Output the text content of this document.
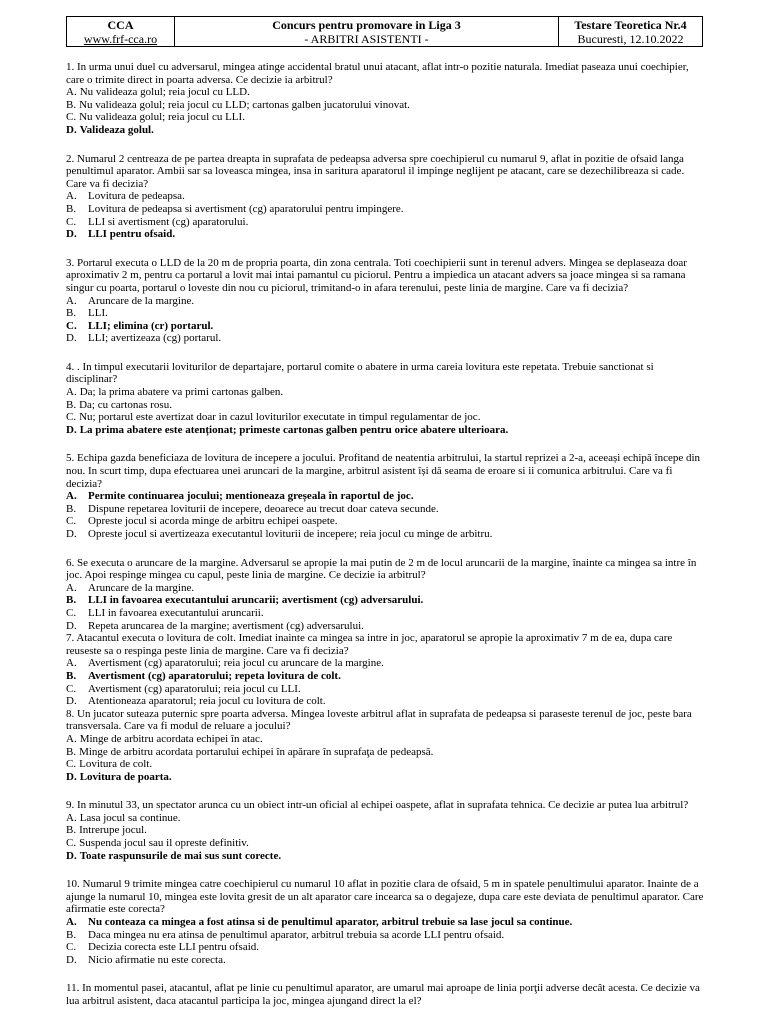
CCA
www.frf-cca.ro

Concurs pentru promovare in Liga 3
- ARBITRI ASISTENTI -

Testare Teoretica Nr.4
Bucuresti, 12.10.2022
1. In urma unui duel cu adversarul, mingea atinge accidental bratul unui atacant, aflat intr-o pozitie naturala. Imediat paseaza unui coechipier, care o trimite direct in poarta adversa. Ce decizie ia arbitrul?
A. Nu valideaza golul; reia jocul cu LLD.
B. Nu valideaza golul; reia jocul cu LLD; cartonas galben jucatorului vinovat.
C. Nu valideaza golul; reia jocul cu LLI.
D. Valideaza golul.
2. Numarul 2 centreaza de pe partea dreapta in suprafata de pedeapsa adversa spre coechipierul cu numarul 9, aflat in pozitie de ofsaid langa penultimul aparator. Ambii sar sa loveasca mingea, insa in saritura aparatorul il impinge neglijent pe atacant, care se dezechilibreaza si cade. Care va fi decizia?
A. Lovitura de pedeapsa.
B. Lovitura de pedeapsa si avertisment (cg) aparatorului pentru impingere.
C. LLI si avertisment (cg) aparatorului.
D. LLI pentru ofsaid.
3. Portarul executa o LLD de la 20 m de propria poarta, din zona centrala. Toti coechipierii sunt in terenul advers. Mingea se deplaseaza doar aproximativ 2 m, pentru ca portarul a lovit mai intai pamantul cu piciorul. Pentru a impiedica un atacant advers sa joace mingea si sa ramana singur cu poarta, portarul o loveste din nou cu piciorul, trimitand-o in afara terenului, peste linia de margine. Care va fi decizia?
A. Aruncare de la margine.
B. LLI.
C. LLI; elimina (cr) portarul.
D. LLI; avertizeaza (cg) portarul.
4. . In timpul executarii loviturilor de departajare, portarul comite o abatere in urma careia lovitura este repetata. Trebuie sanctionat si disciplinar?
A. Da; la prima abatere va primi cartonas galben.
B. Da; cu cartonas rosu.
C. Nu; portarul este avertizat doar in cazul loviturilor executate in timpul regulamentar de joc.
D. La prima abatere este atenționat; primeste cartonas galben pentru orice abatere ulterioara.
5. Echipa gazda beneficiaza de lovitura de incepere a jocului. Profitand de neatentia arbitrului, la startul reprizei a 2-a, aceeași echipă începe din nou. In scurt timp, dupa efectuarea unei aruncari de la margine, arbitrul asistent își dă seama de eroare si ii comunica arbitrului. Care va fi decizia?
A. Permite continuarea jocului; mentioneaza greșeala în raportul de joc.
B. Dispune repetarea loviturii de incepere, deoarece au trecut doar cateva secunde.
C. Opreste jocul si acorda minge de arbitru echipei oaspete.
D. Opreste jocul si avertizeaza executantul loviturii de incepere; reia jocul cu minge de arbitru.
6. Se executa o aruncare de la margine. Adversarul se apropie la mai putin de 2 m de locul aruncarii de la margine, înainte ca mingea sa intre în joc. Apoi respinge mingea cu capul, peste linia de margine. Ce decizie ia arbitrul?
A. Aruncare de la margine.
B. LLI in favoarea executantului aruncarii; avertisment (cg) adversarului.
C. LLI in favoarea executantului aruncarii.
D. Repeta aruncarea de la margine; avertisment (cg) adversarului.
7. Atacantul executa o lovitura de colt. Imediat inainte ca mingea sa intre in joc, aparatorul se apropie la aproximativ 7 m de ea, dupa care reuseste sa o respinga peste linia de margine. Care va fi decizia?
A. Avertisment (cg) aparatorului; reia jocul cu aruncare de la margine.
B. Avertisment (cg) aparatorului; repeta lovitura de colt.
C. Avertisment (cg) aparatorului; reia jocul cu LLI.
D. Atentioneaza aparatorul; reia jocul cu lovitura de colt.
8. Un jucator suteaza puternic spre poarta adversa. Mingea loveste arbitrul aflat in suprafata de pedeapsa si paraseste terenul de joc, peste bara transversala. Care va fi modul de reluare a jocului?
A. Minge de arbitru acordata echipei în atac.
B. Minge de arbitru acordata portarului echipei în apărare în suprafaţa de pedeapsă.
C. Lovitura de colt.
D. Lovitura de poarta.
9. In minutul 33, un spectator arunca cu un obiect intr-un oficial al echipei oaspete, aflat in suprafata tehnica. Ce decizie ar putea lua arbitrul?
A. Lasa jocul sa continue.
B. Intrerupe jocul.
C. Suspenda jocul sau il opreste definitiv.
D. Toate raspunsurile de mai sus sunt corecte.
10. Numarul 9 trimite mingea catre coechipierul cu numarul 10 aflat in pozitie clara de ofsaid, 5 m in spatele penultimului aparator. Inainte de a ajunge la numarul 10, mingea este lovita gresit de un alt aparator care incearca sa o degajeze, dupa care este deviata de penultimul aparator. Care afirmatie este corecta?
A. Nu conteaza ca mingea a fost atinsa si de penultimul aparator, arbitrul trebuie sa lase jocul sa continue.
B. Daca mingea nu era atinsa de penultimul aparator, arbitrul trebuia sa acorde LLI pentru ofsaid.
C. Decizia corecta este LLI pentru ofsaid.
D. Nicio afirmatie nu este corecta.
11. In momentul pasei, atacantul, aflat pe linie cu penultimul aparator, are umarul mai aproape de linia porţii adverse decât acesta. Ce decizie va lua arbitrul asistent, daca atacantul participa la joc, mingea ajungand direct la el?
